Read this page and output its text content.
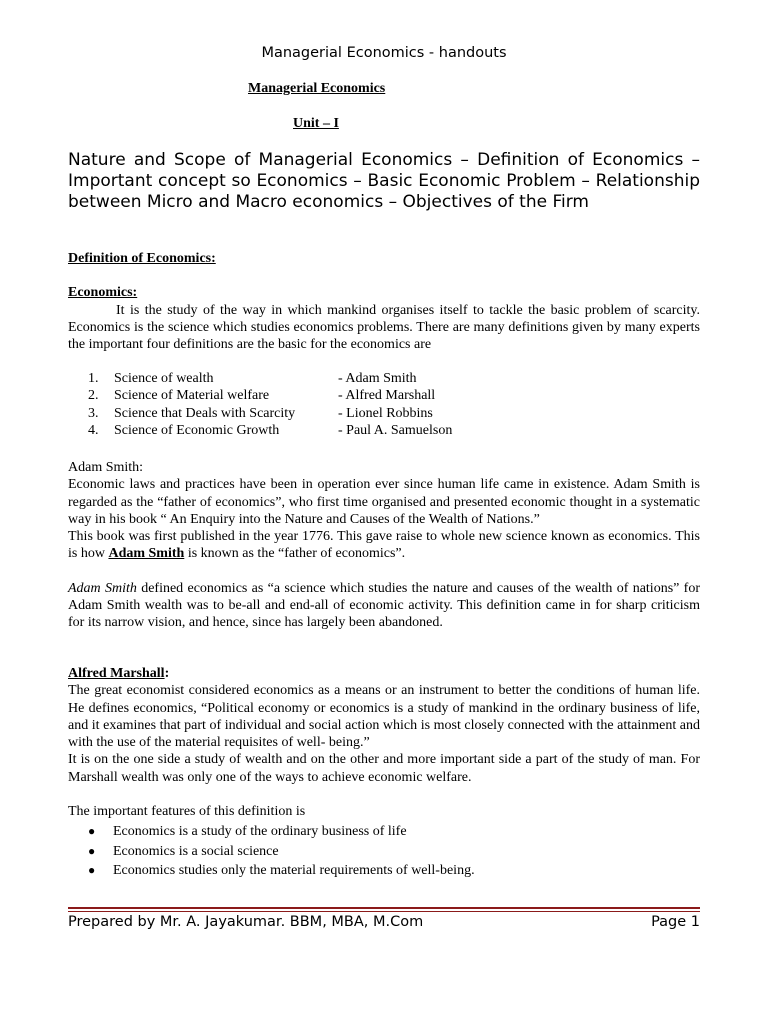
Managerial Economics - handouts
Managerial Economics
Unit – I
Nature and Scope of Managerial Economics – Definition of Economics – Important concept so Economics – Basic Economic Problem – Relationship between Micro and Macro economics – Objectives of the Firm

Definition of Economics:

Economics:

It is the study of the way in which mankind organises itself to tackle the basic problem of scarcity. Economics is the science which studies economics problems. There are many definitions given by many experts the important four definitions are the basic for the economics are

1.	Science of wealth	- Adam Smith
2.	Science of Material welfare	- Alfred Marshall
3.	Science that Deals with Scarcity	- Lionel Robbins
4.	Science of Economic Growth	- Paul A. Samuelson

Adam Smith:

Economic laws and practices have been in operation ever since human life came in existence. Adam Smith is regarded as the “father of economics”, who first time organised and presented economic thought in a systematic way in his book “ An Enquiry into the Nature and Causes of the Wealth of Nations.”

This book was first published in the year 1776. This gave raise to whole new science known as economics. This is how Adam Smith is known as the “father of economics”.

Adam Smith defined economics as “a science which studies the nature and causes of the wealth of nations” for Adam Smith wealth was to be-all and end-all of economic activity. This definition came in for sharp criticism for its narrow vision, and hence, since has largely been abandoned.

Alfred Marshall:

The great economist considered economics as a means or an instrument to better the conditions of human life. He defines economics, “Political economy or economics is a study of mankind in the ordinary business of life, and it examines that part of individual and social action which is most closely connected with the attainment and with the use of the material requisites of well- being.”

It is on the one side a study of wealth and on the other and more important side a part of the study of man. For Marshall wealth was only one of the ways to achieve economic welfare.

The important features of this definition is

●	Economics is a study of the ordinary business of life
●	Economics is a social science
●	Economics studies only the material requirements of well-being.
Prepared by Mr. A. Jayakumar. BBM, MBA, M.Com	Page 1
